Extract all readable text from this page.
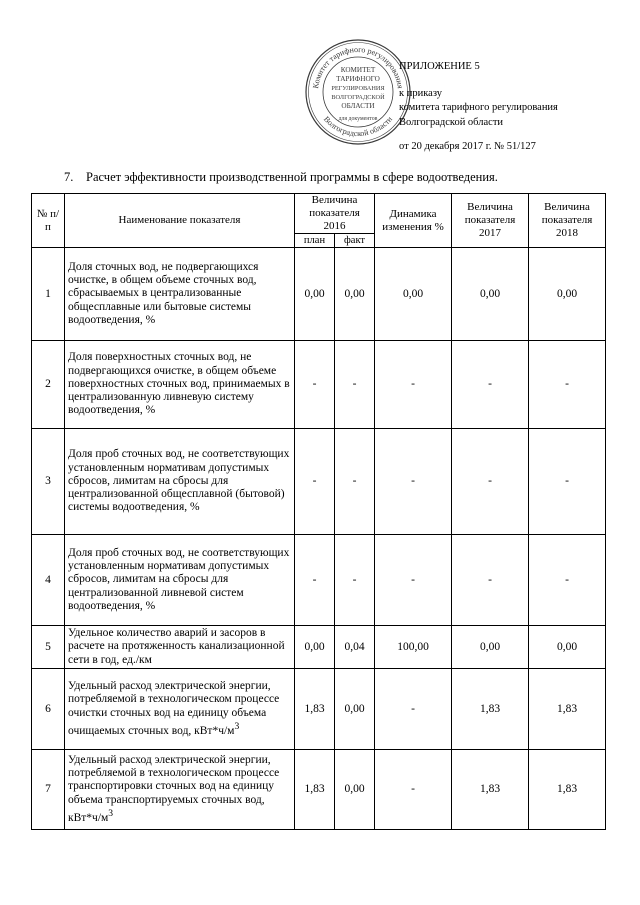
Комитет тарифного регулирования
Волгоградской области
КОМИТЕТ
ТАРИФНОГО
РЕГУЛИРОВАНИЯ
ВОЛГОГРАДСКОЙ
ОБЛАСТИ
для документов
ПРИЛОЖЕНИЕ 5
к приказу
комитета тарифного регулирования
Волгоградской области
от 20 декабря 2017 г. № 51/127
7. Расчет эффективности производственной программы в сфере водоотведения.
№ п/п	Наименование показателя	Величина показателя 2016		Динамика изменения %	Величина показателя 2017	Величина показателя 2018
		план	факт			
1	Доля сточных вод, не подвергающихся очистке, в общем объеме сточных вод, сбрасываемых в централизованные общесплавные или бытовые системы водоотведения, %	0,00	0,00	0,00	0,00	0,00
2	Доля поверхностных сточных вод, не подвергающихся очистке, в общем объеме поверхностных сточных вод, принимаемых в централизованную ливневую систему водоотведения, %	-	-	-	-	-
3	Доля проб сточных вод, не соответствующих установленным нормативам допустимых сбросов, лимитам на сбросы для централизованной общесплавной (бытовой) системы водоотведения, %	-	-	-	-	-
4	Доля проб сточных вод, не соответствующих установленным нормативам допустимых сбросов, лимитам на сбросы для централизованной ливневой систем водоотведения, %	-	-	-	-	-
5	Удельное количество аварий и засоров в расчете на протяженность канализационной сети в год, ед./км	0,00	0,04	100,00	0,00	0,00
6	Удельный расход электрической энергии, потребляемой в технологическом процессе очистки сточных вод на единицу объема очищаемых сточных вод, $кВт*ч/м^3$	1,83	0,00	-	1,83	1,83
7	Удельный расход электрической энергии, потребляемой в технологическом процессе транспортировки сточных вод на единицу объема транспортируемых сточных вод, $кВт*ч/м^3$	1,83	0,00	-	1,83	1,83
